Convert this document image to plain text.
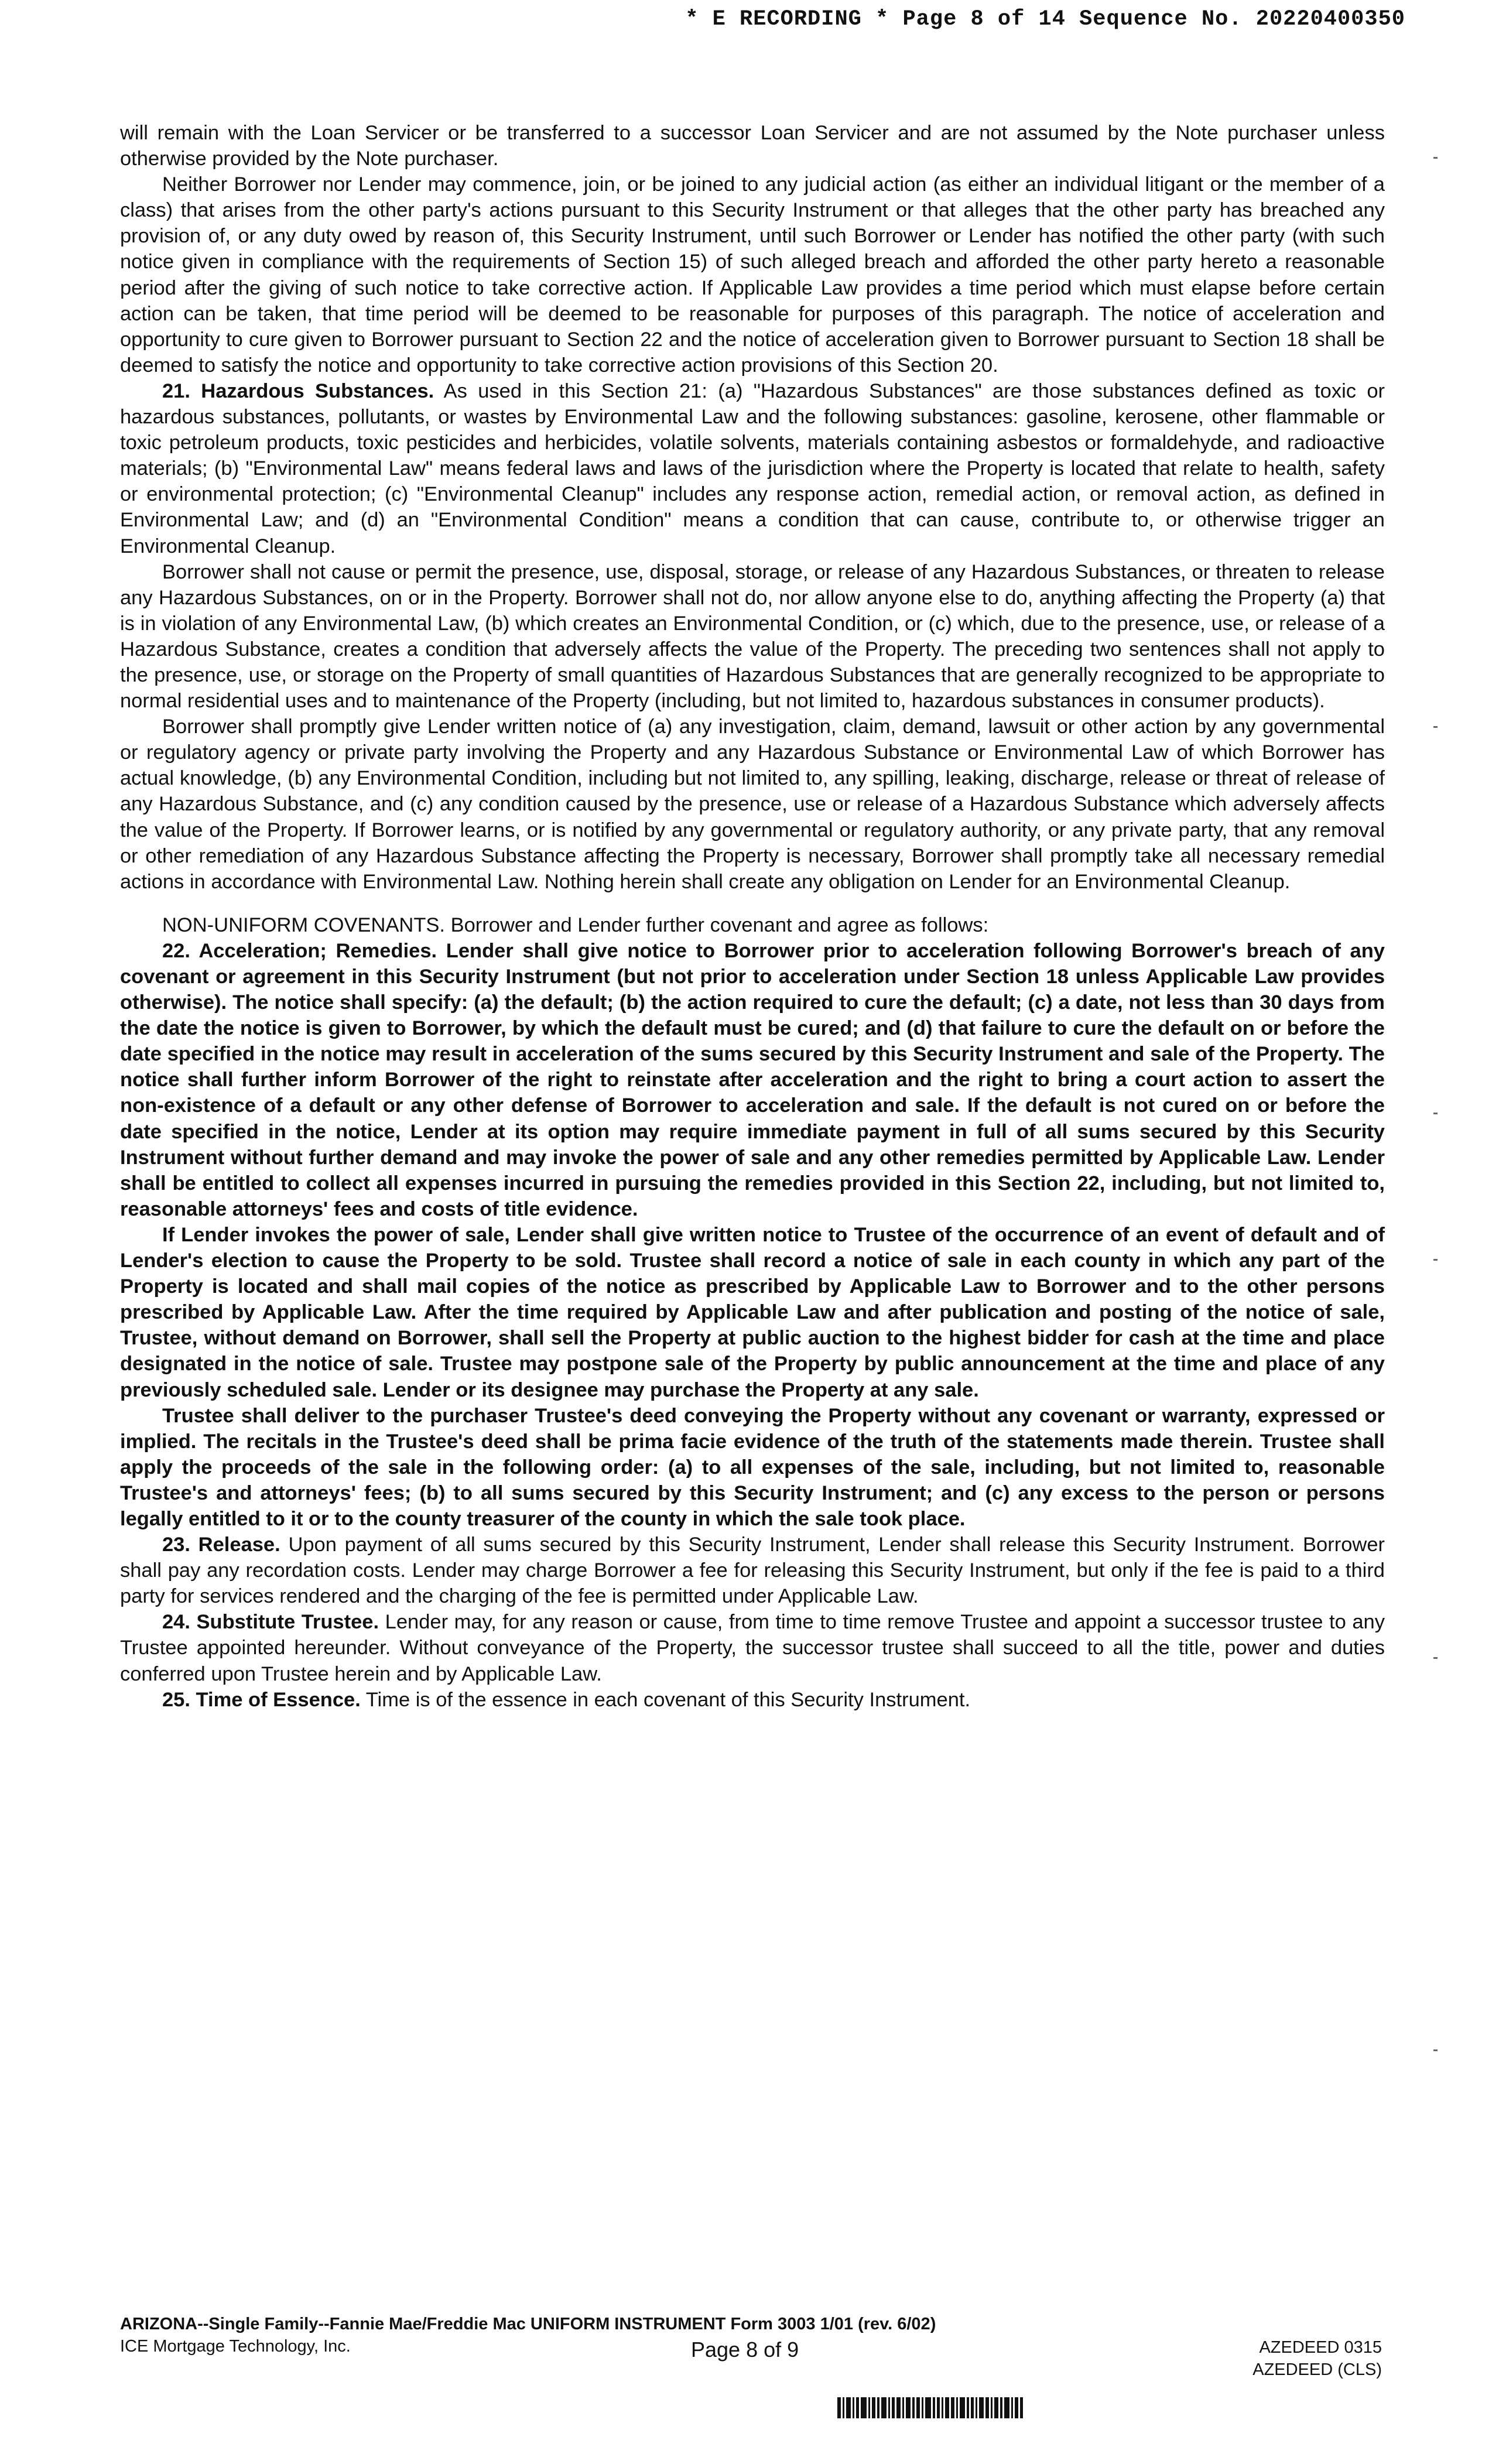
* E RECORDING * Page 8 of 14 Sequence No. 20220400350

will remain with the Loan Servicer or be transferred to a successor Loan Servicer and are not assumed by the Note purchaser unless otherwise provided by the Note purchaser.

Neither Borrower nor Lender may commence, join, or be joined to any judicial action (as either an individual litigant or the member of a class) that arises from the other party's actions pursuant to this Security Instrument or that alleges that the other party has breached any provision of, or any duty owed by reason of, this Security Instrument, until such Borrower or Lender has notified the other party (with such notice given in compliance with the requirements of Section 15) of such alleged breach and afforded the other party hereto a reasonable period after the giving of such notice to take corrective action. If Applicable Law provides a time period which must elapse before certain action can be taken, that time period will be deemed to be reasonable for purposes of this paragraph. The notice of acceleration and opportunity to cure given to Borrower pursuant to Section 22 and the notice of acceleration given to Borrower pursuant to Section 18 shall be deemed to satisfy the notice and opportunity to take corrective action provisions of this Section 20.

21. Hazardous Substances. As used in this Section 21: (a) "Hazardous Substances" are those substances defined as toxic or hazardous substances, pollutants, or wastes by Environmental Law and the following substances: gasoline, kerosene, other flammable or toxic petroleum products, toxic pesticides and herbicides, volatile solvents, materials containing asbestos or formaldehyde, and radioactive materials; (b) "Environmental Law" means federal laws and laws of the jurisdiction where the Property is located that relate to health, safety or environmental protection; (c) "Environmental Cleanup" includes any response action, remedial action, or removal action, as defined in Environmental Law; and (d) an "Environmental Condition" means a condition that can cause, contribute to, or otherwise trigger an Environmental Cleanup.

Borrower shall not cause or permit the presence, use, disposal, storage, or release of any Hazardous Substances, or threaten to release any Hazardous Substances, on or in the Property. Borrower shall not do, nor allow anyone else to do, anything affecting the Property (a) that is in violation of any Environmental Law, (b) which creates an Environmental Condition, or (c) which, due to the presence, use, or release of a Hazardous Substance, creates a condition that adversely affects the value of the Property. The preceding two sentences shall not apply to the presence, use, or storage on the Property of small quantities of Hazardous Substances that are generally recognized to be appropriate to normal residential uses and to maintenance of the Property (including, but not limited to, hazardous substances in consumer products).

Borrower shall promptly give Lender written notice of (a) any investigation, claim, demand, lawsuit or other action by any governmental or regulatory agency or private party involving the Property and any Hazardous Substance or Environmental Law of which Borrower has actual knowledge, (b) any Environmental Condition, including but not limited to, any spilling, leaking, discharge, release or threat of release of any Hazardous Substance, and (c) any condition caused by the presence, use or release of a Hazardous Substance which adversely affects the value of the Property. If Borrower learns, or is notified by any governmental or regulatory authority, or any private party, that any removal or other remediation of any Hazardous Substance affecting the Property is necessary, Borrower shall promptly take all necessary remedial actions in accordance with Environmental Law. Nothing herein shall create any obligation on Lender for an Environmental Cleanup.

NON-UNIFORM COVENANTS. Borrower and Lender further covenant and agree as follows:

22. Acceleration; Remedies. Lender shall give notice to Borrower prior to acceleration following Borrower's breach of any covenant or agreement in this Security Instrument (but not prior to acceleration under Section 18 unless Applicable Law provides otherwise). The notice shall specify: (a) the default; (b) the action required to cure the default; (c) a date, not less than 30 days from the date the notice is given to Borrower, by which the default must be cured; and (d) that failure to cure the default on or before the date specified in the notice may result in acceleration of the sums secured by this Security Instrument and sale of the Property. The notice shall further inform Borrower of the right to reinstate after acceleration and the right to bring a court action to assert the non-existence of a default or any other defense of Borrower to acceleration and sale. If the default is not cured on or before the date specified in the notice, Lender at its option may require immediate payment in full of all sums secured by this Security Instrument without further demand and may invoke the power of sale and any other remedies permitted by Applicable Law. Lender shall be entitled to collect all expenses incurred in pursuing the remedies provided in this Section 22, including, but not limited to, reasonable attorneys' fees and costs of title evidence.

If Lender invokes the power of sale, Lender shall give written notice to Trustee of the occurrence of an event of default and of Lender's election to cause the Property to be sold. Trustee shall record a notice of sale in each county in which any part of the Property is located and shall mail copies of the notice as prescribed by Applicable Law to Borrower and to the other persons prescribed by Applicable Law. After the time required by Applicable Law and after publication and posting of the notice of sale, Trustee, without demand on Borrower, shall sell the Property at public auction to the highest bidder for cash at the time and place designated in the notice of sale. Trustee may postpone sale of the Property by public announcement at the time and place of any previously scheduled sale. Lender or its designee may purchase the Property at any sale.

Trustee shall deliver to the purchaser Trustee's deed conveying the Property without any covenant or warranty, expressed or implied. The recitals in the Trustee's deed shall be prima facie evidence of the truth of the statements made therein. Trustee shall apply the proceeds of the sale in the following order: (a) to all expenses of the sale, including, but not limited to, reasonable Trustee's and attorneys' fees; (b) to all sums secured by this Security Instrument; and (c) any excess to the person or persons legally entitled to it or to the county treasurer of the county in which the sale took place.

23. Release. Upon payment of all sums secured by this Security Instrument, Lender shall release this Security Instrument. Borrower shall pay any recordation costs. Lender may charge Borrower a fee for releasing this Security Instrument, but only if the fee is paid to a third party for services rendered and the charging of the fee is permitted under Applicable Law.

24. Substitute Trustee. Lender may, for any reason or cause, from time to time remove Trustee and appoint a successor trustee to any Trustee appointed hereunder. Without conveyance of the Property, the successor trustee shall succeed to all the title, power and duties conferred upon Trustee herein and by Applicable Law.

25. Time of Essence. Time is of the essence in each covenant of this Security Instrument.

ARIZONA--Single Family--Fannie Mae/Freddie Mac UNIFORM INSTRUMENT Form 3003 1/01 (rev. 6/02)
ICE Mortgage Technology, Inc.	Page 8 of 9	AZEDEED 0315
AZEDEED (CLS)
